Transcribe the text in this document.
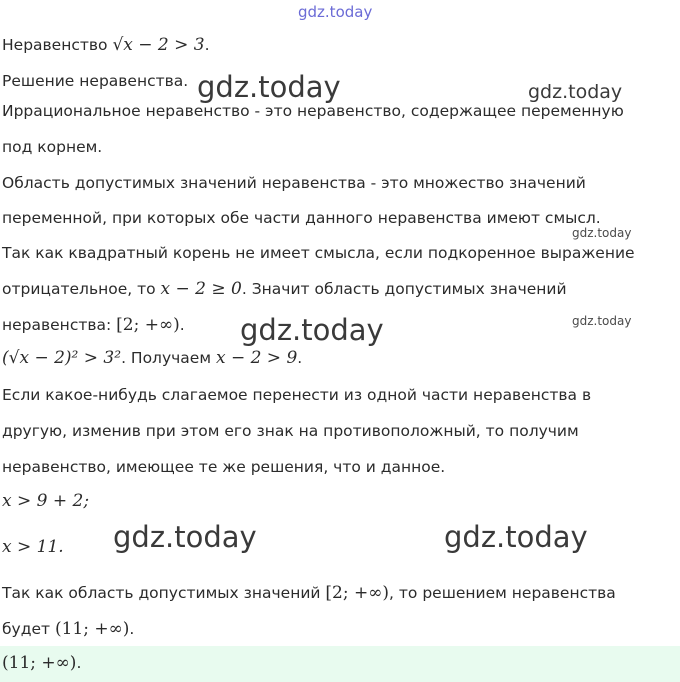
gdz.today
gdz.today	gdz.today
gdz.today
gdz.today	gdz.today
gdz.today	gdz.today
Неравенство √x − 2 > 3.
Решение неравенства.
Иррациональное неравенство - это неравенство, содержащее переменную
под корнем.
Область допустимых значений неравенства - это множество значений
переменной, при которых обе части данного неравенства имеют смысл.
Так как квадратный корень не имеет смысла, если подкоренное выражение
отрицательное, то x − 2 ≥ 0. Значит область допустимых значений
неравенства: [2; +∞).
(√x − 2)² > 3². Получаем x − 2 > 9.
Если какое-нибудь слагаемое перенести из одной части неравенства в
другую, изменив при этом его знак на противоположный, то получим
неравенство, имеющее те же решения, что и данное.
x > 9 + 2;
x > 11.
Так как область допустимых значений [2; +∞), то решением неравенства
будет (11; +∞).
(11; +∞).
